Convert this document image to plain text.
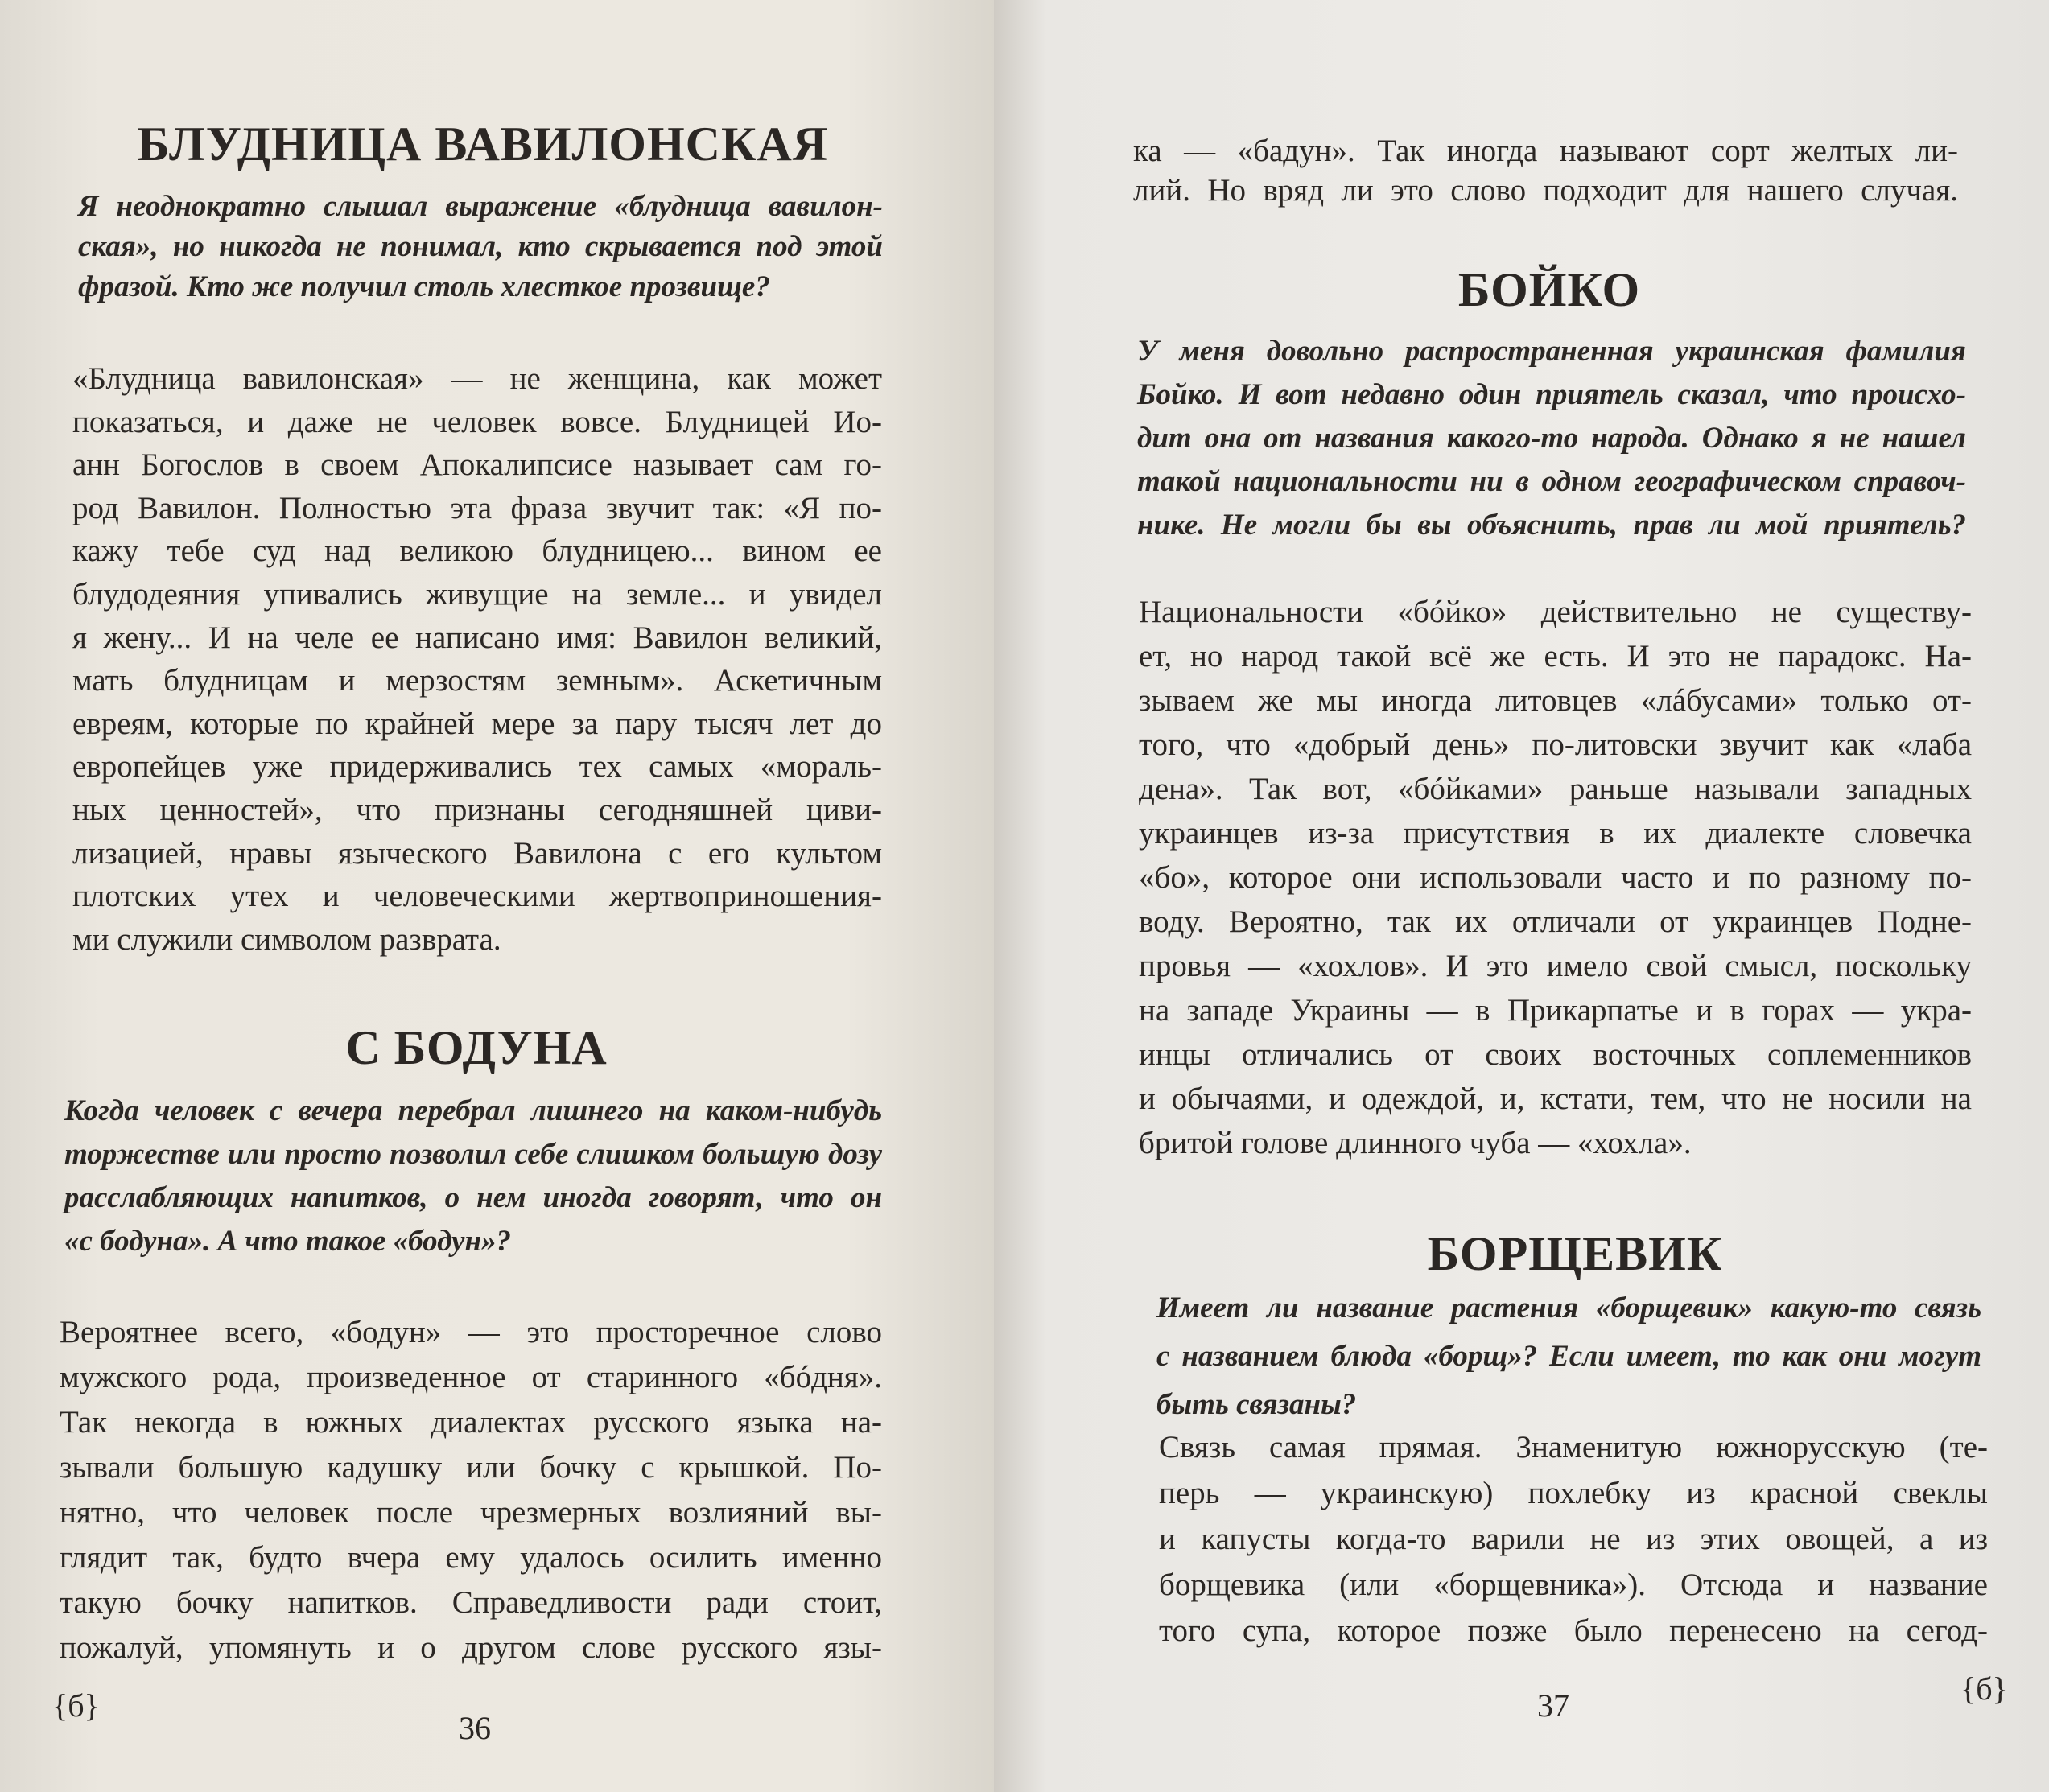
БЛУДНИЦА ВАВИЛОНСКАЯ
Я неоднократно слышал выражение «блудница вавилон-
ская», но никогда не понимал, кто скрывается под этой
фразой. Кто же получил столь хлесткое прозвище?
«Блудница вавилонская» — не женщина, как может
показаться, и даже не человек вовсе. Блудницей Ио-
анн Богослов в своем Апокалипсисе называет сам го-
род Вавилон. Полностью эта фраза звучит так: «Я по-
кажу тебе суд над великою блудницею... вином ее
блудодеяния упивались живущие на земле... и увидел
я жену... И на челе ее написано имя: Вавилон великий,
мать блудницам и мерзостям земным». Аскетичным
евреям, которые по крайней мере за пару тысяч лет до
европейцев уже придерживались тех самых «мораль-
ных ценностей», что признаны сегодняшней циви-
лизацией, нравы языческого Вавилона с его культом
плотских утех и человеческими жертвоприношения-
ми служили символом разврата.
С БОДУНА
Когда человек с вечера перебрал лишнего на каком-нибудь
торжестве или просто позволил себе слишком большую дозу
расслабляющих напитков, о нем иногда говорят, что он
«с бодуна». А что такое «бодун»?
Вероятнее всего, «бодун» — это просторечное слово
мужского рода, произведенное от старинного «бóдня».
Так некогда в южных диалектах русского языка на-
зывали большую кадушку или бочку с крышкой. По-
нятно, что человек после чрезмерных возлияний вы-
глядит так, будто вчера ему удалось осилить именно
такую бочку напитков. Справедливости ради стоит,
пожалуй, упомянуть и о другом слове русского язы-
{б}
36
ка — «бадун». Так иногда называют сорт желтых ли-
лий. Но вряд ли это слово подходит для нашего случая.
БОЙКО
У меня довольно распространенная украинская фамилия
Бойко. И вот недавно один приятель сказал, что происхо-
дит она от названия какого-то народа. Однако я не нашел
такой национальности ни в одном географическом справоч-
нике. Не могли бы вы объяснить, прав ли мой приятель?
Национальности «бóйко» действительно не существу-
ет, но народ такой всё же есть. И это не парадокс. На-
зываем же мы иногда литовцев «лáбусами» только от-
того, что «добрый день» по-литовски звучит как «лаба
дена». Так вот, «бóйками» раньше называли западных
украинцев из-за присутствия в их диалекте словечка
«бо», которое они использовали часто и по разному по-
воду. Вероятно, так их отличали от украинцев Подне-
провья — «хохлов». И это имело свой смысл, поскольку
на западе Украины — в Прикарпатье и в горах — укра-
инцы отличались от своих восточных соплеменников
и обычаями, и одеждой, и, кстати, тем, что не носили на
бритой голове длинного чуба — «хохла».
БОРЩЕВИК
Имеет ли название растения «борщевик» какую-то связь
с названием блюда «борщ»? Если имеет, то как они могут
быть связаны?
Связь самая прямая. Знаменитую южнорусскую (те-
перь — украинскую) похлебку из красной свеклы
и капусты когда-то варили не из этих овощей, а из
борщевика (или «борщевника»). Отсюда и название
того супа, которое позже было перенесено на сегод-
37	{б}
